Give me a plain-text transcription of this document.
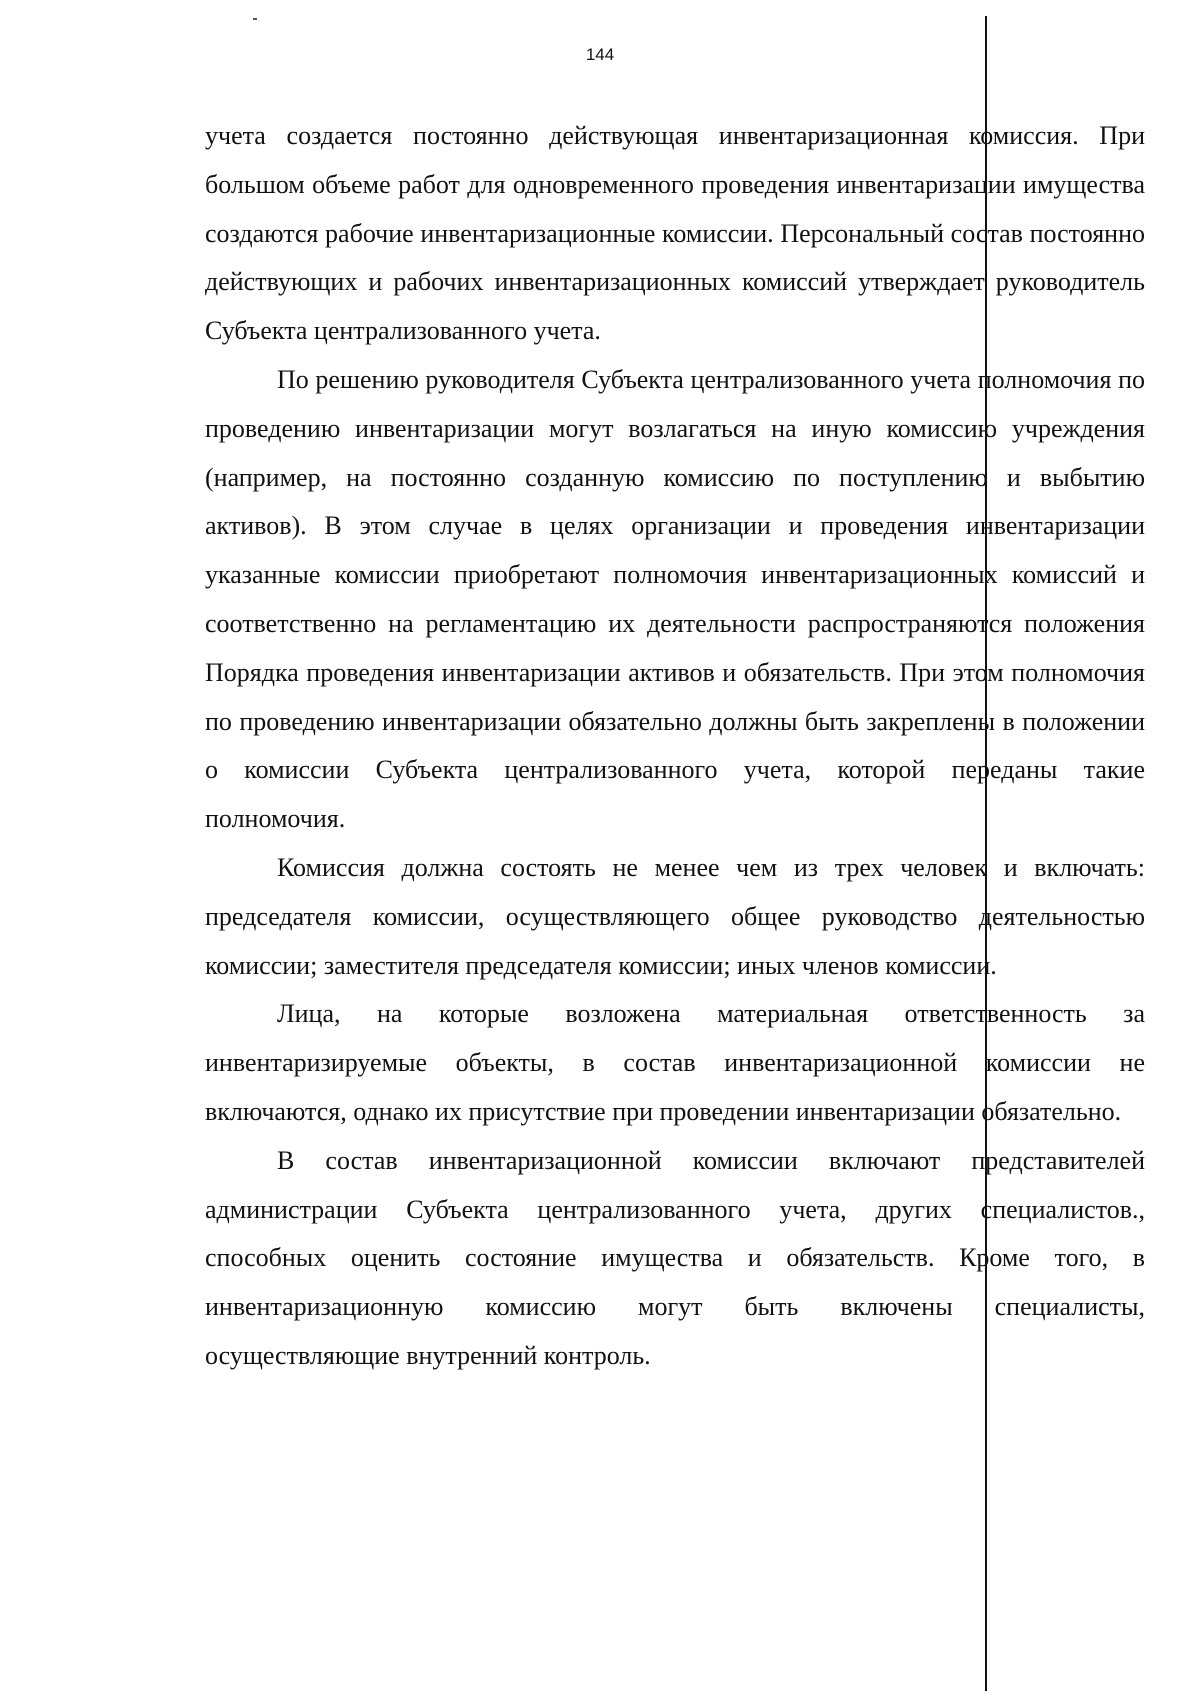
144

учета создается постоянно действующая инвентаризационная комиссия. При большом объеме работ для одновременного проведения инвентаризации имущества создаются рабочие инвентаризационные комиссии. Персональный состав постоянно действующих и рабочих инвентаризационных комиссий утверждает руководитель Субъекта централизованного учета.

По решению руководителя Субъекта централизованного учета полномочия по проведению инвентаризации могут возлагаться на иную комиссию учреждения (например, на постоянно созданную комиссию по поступлению и выбытию активов). В этом случае в целях организации и проведения инвентаризации указанные комиссии приобретают полномочия инвентаризационных комиссий и соответственно на регламентацию их деятельности распространяются положения Порядка проведения инвентаризации активов и обязательств. При этом полномочия по проведению инвентаризации обязательно должны быть закреплены в положении о комиссии Субъекта централизованного учета, которой переданы такие полномочия.

Комиссия должна состоять не менее чем из трех человек и включать: председателя комиссии, осуществляющего общее руководство деятельностью комиссии; заместителя председателя комиссии; иных членов комиссии.

Лица, на которые возложена материальная ответственность за инвентаризируемые объекты, в состав инвентаризационной комиссии не включаются, однако их присутствие при проведении инвентаризации обязательно.

В состав инвентаризационной комиссии включают представителей администрации Субъекта централизованного учета, других специалистов., способных оценить состояние имущества и обязательств. Кроме того, в инвентаризационную комиссию могут быть включены специалисты, осуществляющие внутренний контроль.
